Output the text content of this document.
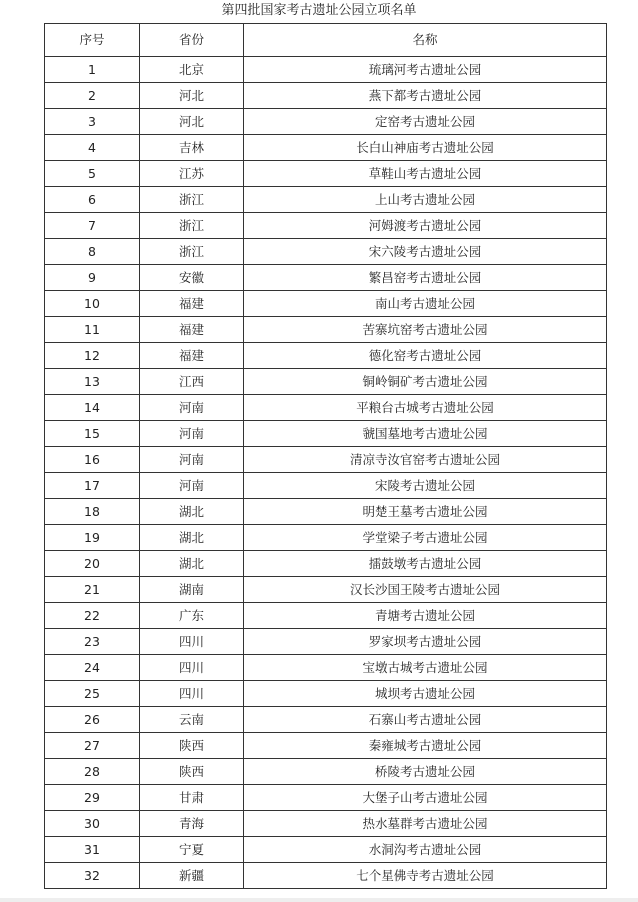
第四批国家考古遗址公园立项名单
序号	省份	名称
1	北京	琉璃河考古遗址公园
2	河北	燕下都考古遗址公园
3	河北	定窑考古遗址公园
4	吉林	长白山神庙考古遗址公园
5	江苏	草鞋山考古遗址公园
6	浙江	上山考古遗址公园
7	浙江	河姆渡考古遗址公园
8	浙江	宋六陵考古遗址公园
9	安徽	繁昌窑考古遗址公园
10	福建	南山考古遗址公园
11	福建	苦寨坑窑考古遗址公园
12	福建	德化窑考古遗址公园
13	江西	铜岭铜矿考古遗址公园
14	河南	平粮台古城考古遗址公园
15	河南	虢国墓地考古遗址公园
16	河南	清凉寺汝官窑考古遗址公园
17	河南	宋陵考古遗址公园
18	湖北	明楚王墓考古遗址公园
19	湖北	学堂梁子考古遗址公园
20	湖北	擂鼓墩考古遗址公园
21	湖南	汉长沙国王陵考古遗址公园
22	广东	青塘考古遗址公园
23	四川	罗家坝考古遗址公园
24	四川	宝墩古城考古遗址公园
25	四川	城坝考古遗址公园
26	云南	石寨山考古遗址公园
27	陕西	秦雍城考古遗址公园
28	陕西	桥陵考古遗址公园
29	甘肃	大堡子山考古遗址公园
30	青海	热水墓群考古遗址公园
31	宁夏	水洞沟考古遗址公园
32	新疆	七个星佛寺考古遗址公园
